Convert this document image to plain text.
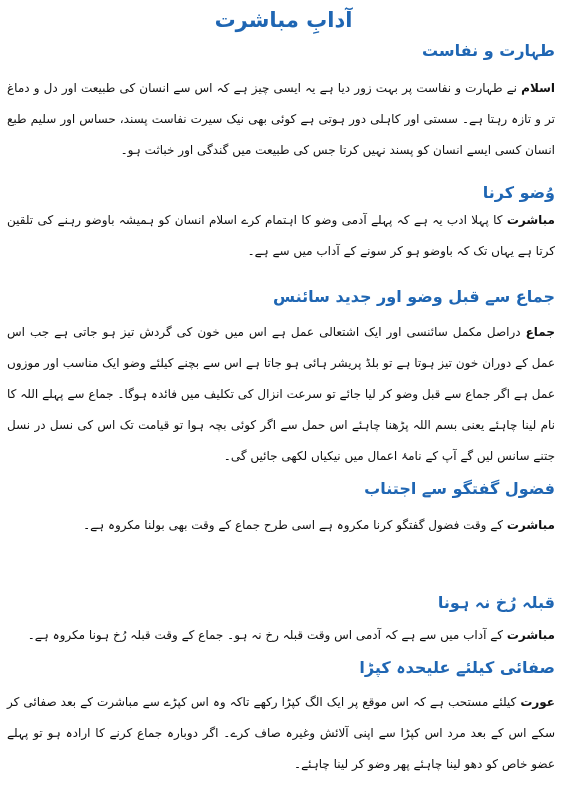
آدابِ مباشرت
طہارت و نفاست
اسلام نے طہارت و نفاست پر بہت زور دیا ہے یہ ایسی چیز ہے کہ اس سے انسان کی طبیعت اور دل و دماغ تر و تازہ رہتا ہے۔ سستی اور کاہلی دور ہوتی ہے کوئی بھی نیک سیرت نفاست پسند، حساس اور سلیم طبع انسان کسی ایسے انسان کو پسند نہیں کرتا جس کی طبیعت میں گندگی اور خباثت ہو۔
وُضو کرنا
مباشرت کا پہلا ادب یہ ہے کہ پہلے آدمی وضو کا اہتمام کرے اسلام انسان کو ہمیشہ باوضو رہنے کی تلقین کرتا ہے یہاں تک کہ باوضو ہو کر سونے کے آداب میں سے ہے۔
جماع سے قبل وضو اور جدید سائنس
جماع دراصل مکمل سائنسی اور ایک اشتعالی عمل ہے اس میں خون کی گردش تیز ہو جاتی ہے جب اس عمل کے دوران خون تیز ہوتا ہے تو بلڈ پریشر ہائی ہو جاتا ہے اس سے بچنے کیلئے وضو ایک مناسب اور موزوں عمل ہے اگر جماع سے قبل وضو کر لیا جائے تو سرعت انزال کی تکلیف میں فائدہ ہوگا۔ جماع سے پہلے اللہ کا نام لینا چاہئے یعنی بسم اللہ پڑھنا چاہئے اس حمل سے اگر کوئی بچہ ہوا تو قیامت تک اس کی نسل در نسل جتنے سانس لیں گے آپ کے نامۂ اعمال میں نیکیاں لکھی جائیں گی۔
فضول گفتگو سے اجتناب
مباشرت کے وقت فضول گفتگو کرنا مکروہ ہے اسی طرح جماع کے وقت بھی بولنا مکروہ ہے۔
قبلہ رُخ نہ ہونا
مباشرت کے آداب میں سے ہے کہ آدمی اس وقت قبلہ رخ نہ ہو۔ جماع کے وقت قبلہ رُخ ہونا مکروہ ہے۔
صفائی کیلئے علیحدہ کپڑا
عورت کیلئے مستحب ہے کہ اس موقع پر ایک الگ کپڑا رکھے تاکہ وہ اس کپڑے سے مباشرت کے بعد صفائی کر سکے اس کے بعد مرد اس کپڑا سے اپنی آلائش وغیرہ صاف کرے۔ اگر دوبارہ جماع کرنے کا ارادہ ہو تو پہلے عضو خاص کو دھو لینا چاہئے پھر وضو کر لینا چاہئے۔
